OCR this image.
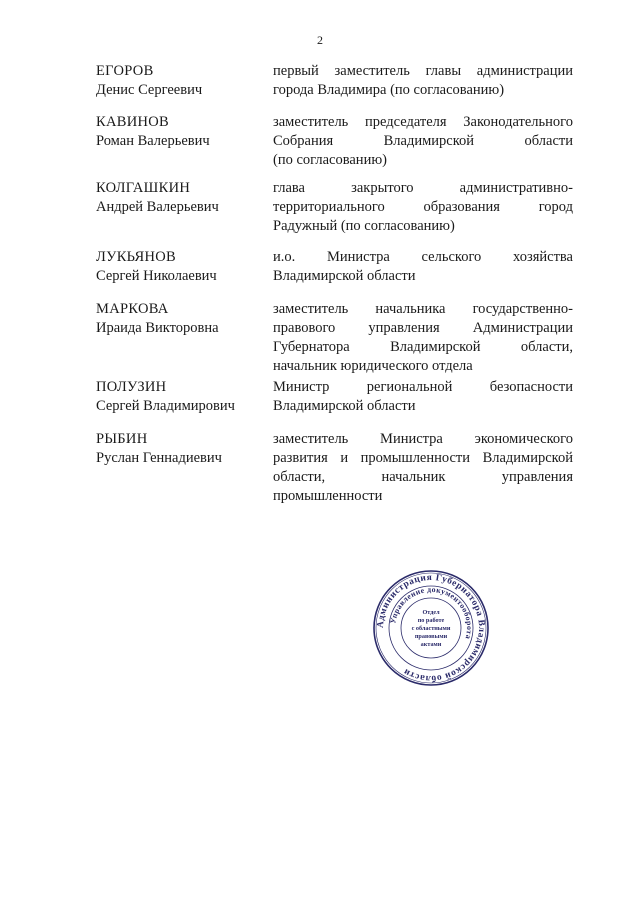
2
ЕГОРОВ
Денис Сергеевич
первый заместитель главы администрации
города Владимира (по согласованию)
КАВИНОВ
Роман Валерьевич
заместитель председателя Законодательного
Собрания Владимирской области
(по согласованию)
КОЛГАШКИН
Андрей Валерьевич
глава закрытого административно-
территориального образования город
Радужный (по согласованию)
ЛУКЬЯНОВ
Сергей Николаевич
и.о. Министра сельского хозяйства
Владимирской области
МАРКОВА
Ираида Викторовна
заместитель начальника государственно-
правового управления Администрации
Губернатора Владимирской области,
начальник юридического отдела
ПОЛУЗИН
Сергей Владимирович
Министр региональной безопасности
Владимирской области
РЫБИН
Руслан Геннадиевич
заместитель Министра экономического
развития и промышленности Владимирской
области, начальник управления
промышленности
Администрация Губернатора Владимирской области
Управление документооборота
Отдел
по работе
с областными
правовыми
актами
